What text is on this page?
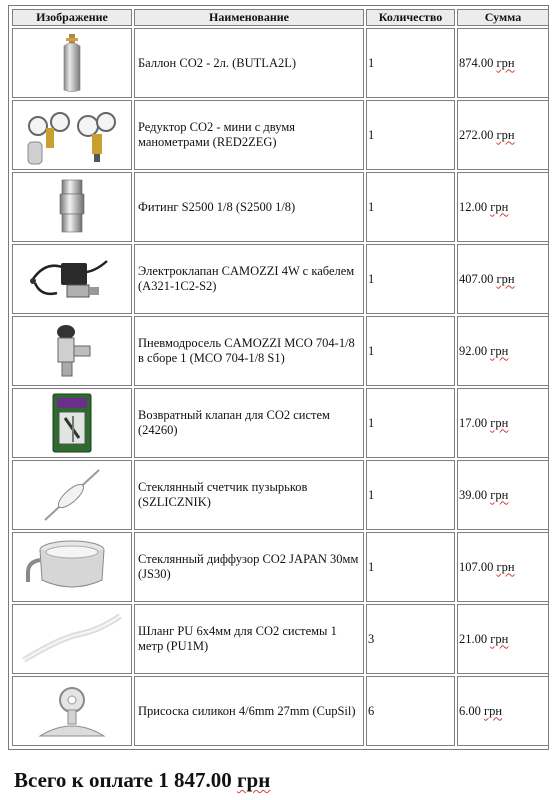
Изображение	Наименование	Количество	Сумма

	Баллон СО2 - 2л. (BUTLA2L)	1	874.00 грн

	Редуктор СО2 - мини с двумя манометрами (RED2ZEG)	1	272.00 грн

	Фитинг S2500 1/8 (S2500 1/8)	1	12.00 грн

	Электроклапан CAMOZZI 4W с кабелем (A321-1C2-S2)	1	407.00 грн

	Пневмодросель CAMOZZI MCO 704-1/8 в сборе 1 (MCO 704-1/8 S1)	1	92.00 грн

	Возвратный клапан для СО2 систем (24260)	1	17.00 грн

	Стеклянный счетчик пузырьков (SZLICZNIK)	1	39.00 грн

	Стеклянный диффузор СО2 JAPAN 30мм (JS30)	1	107.00 грн

	Шланг PU 6х4мм для СО2 системы 1 метр (PU1M)	3	21.00 грн

	Присоска силикон 4/6mm 27mm (CupSil)	6	6.00 грн
Всего к оплате 1 847.00 грн
